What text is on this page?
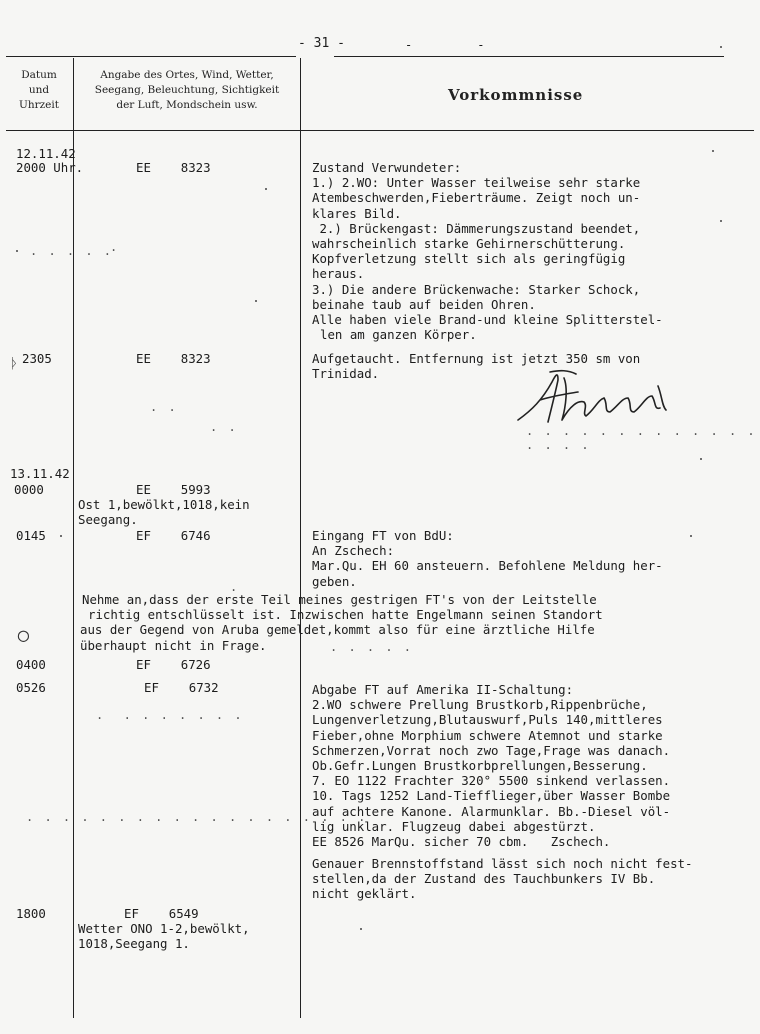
- 31 -	-         -
Datum
und
Uhrzeit
Angabe des Ortes, Wind, Wetter,
Seegang, Beleuchtung, Sichtigkeit
der Luft, Mondschein usw.
Vorkommnisse
12.11.42
2000 Uhr.
2305
13.11.42
0000
0145
0400
0526
1800
EE    8323
EE    8323
EE    5993
Ost 1,bewölkt,1018,kein
Seegang.
EF    6746
EF    6726
EF    6732
EF    6549
Wetter ONO 1-2,bewölkt,
1018,Seegang 1.
Zustand Verwundeter:
1.) 2.WO: Unter Wasser teilweise sehr starke
Atembeschwerden,Fieberträume. Zeigt noch un-
klares Bild.
2.) Brückengast: Dämmerungszustand beendet,
wahrscheinlich starke Gehirnerschütterung.
Kopfverletzung stellt sich als geringfügig
heraus.
3.) Die andere Brückenwache: Starker Schock,
beinahe taub auf beiden Ohren.
Alle haben viele Brand-und kleine Splitterstel-
len am ganzen Körper.
Aufgetaucht. Entfernung ist jetzt 350 sm von
Trinidad.
. . . . . . . . . . . . . . . . .
Eingang FT von BdU:
An Zschech:
Mar.Qu. EH 60 ansteuern. Befohlene Meldung her-
geben.
Nehme an,dass der erste Teil meines gestrigen FT's von der Leitstelle
richtig entschlüsselt ist. Inzwischen hatte Engelmann seinen Standort
aus der Gegend von Aruba gemeldet,kommt also für eine ärztliche Hilfe
überhaupt nicht in Frage.
Abgabe FT auf Amerika II-Schaltung:
2.WO schwere Prellung Brustkorb,Rippenbrüche,
Lungenverletzung,Blutauswurf,Puls 140,mittleres
Fieber,ohne Morphium schwere Atemnot und starke
Schmerzen,Vorrat noch zwo Tage,Frage was danach.
Ob.Gefr.Lungen Brustkorbprellungen,Besserung.
7. EO 1122 Frachter 320° 5500 sinkend verlassen.
10. Tags 1252 Land-Tiefflieger,über Wasser Bombe
auf achtere Kanone. Alarmunklar. Bb.-Diesel völ-
lig unklar. Flugzeug dabei abgestürzt.
EE 8526 MarQu. sicher 70 cbm.   Zschech.
Genauer Brennstoffstand lässt sich noch nicht fest-
stellen,da der Zustand des Tauchbunkers IV Bb.
nicht geklärt.
. . . . . . . . . . . . . . . . . . .
.
. . . . .
.  . . . . . . .
. .
. .
.
. . . . .
◯
ᚦ
